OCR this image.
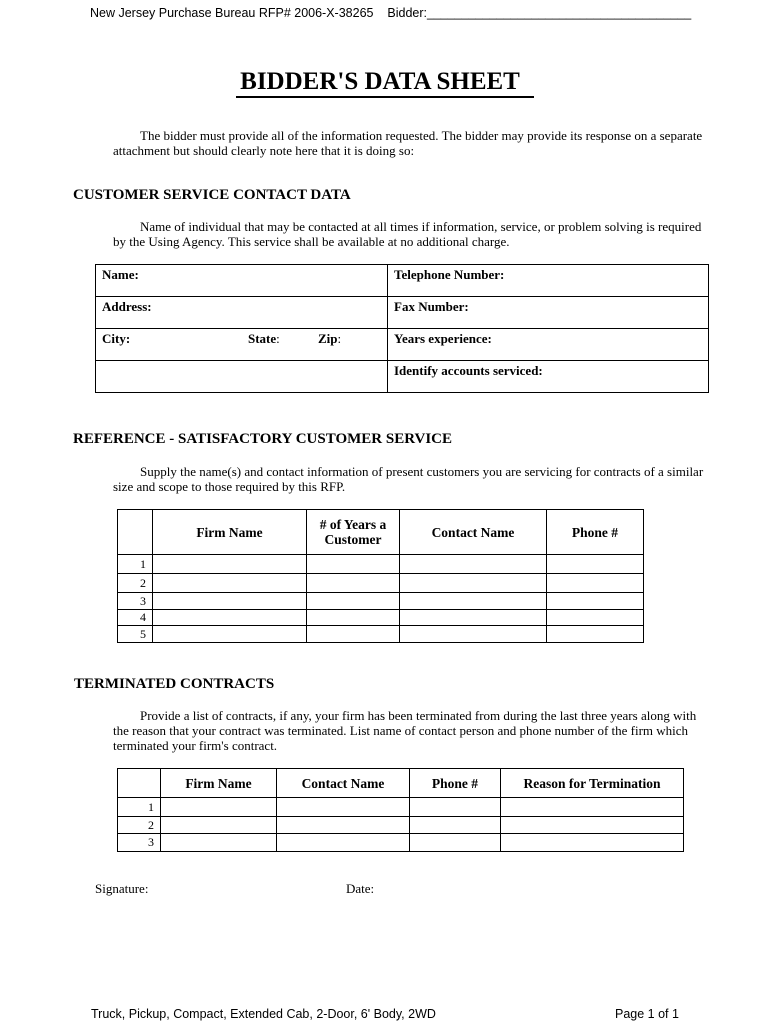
New Jersey Purchase Bureau RFP# 2006-X-38265 Bidder:______________________________________
BIDDER'S DATA SHEET
The bidder must provide all of the information requested. The bidder may provide its response on a separate attachment but should clearly note here that it is doing so:
CUSTOMER SERVICE CONTACT DATA
Name of individual that may be contacted at all times if information, service, or problem solving is required by the Using Agency. This service shall be available at no additional charge.
Name:	Telephone Number:
Address:	Fax Number:
City: State: Zip:	Years experience:
	Identify accounts serviced:
REFERENCE - SATISFACTORY CUSTOMER SERVICE
Supply the name(s) and contact information of present customers you are servicing for contracts of a similar size and scope to those required by this RFP.
	Firm Name	# of Years a Customer	Contact Name	Phone #
1				
2				
3				
4				
5				
TERMINATED CONTRACTS
Provide a list of contracts, if any, your firm has been terminated from during the last three years along with the reason that your contract was terminated. List name of contact person and phone number of the firm which terminated your firm's contract.
	Firm Name	Contact Name	Phone #	Reason for Termination
1				
2				
3				
Signature:	Date:
Truck, Pickup, Compact, Extended Cab, 2-Door, 6' Body, 2WD	Page 1 of 1
